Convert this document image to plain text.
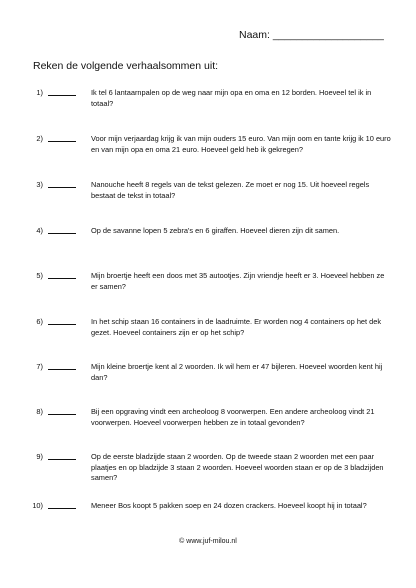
Naam: ___________________
Reken de volgende verhaalsommen uit:
1)	Ik tel 6 lantaarnpalen op de weg naar mijn opa en oma en 12 borden. Hoeveel tel ik in totaal?
2)	Voor mijn verjaardag krijg ik van mijn ouders 15 euro. Van mijn oom en tante krijg ik 10 euro en van mijn opa en oma 21 euro. Hoeveel geld heb ik gekregen?
3)	Nanouche heeft 8 regels van de tekst gelezen. Ze moet er nog 15. Uit hoeveel regels bestaat de tekst in totaal?
4)	Op de savanne lopen 5 zebra's en 6 giraffen. Hoeveel dieren zijn dit samen.
5)	Mijn broertje heeft een doos met 35 autootjes. Zijn vriendje heeft er 3. Hoeveel hebben ze er samen?
6)	In het schip staan 16 containers in de laadruimte. Er worden nog 4 containers op het dek gezet. Hoeveel containers zijn er op het schip?
7)	Mijn kleine broertje kent al 2 woorden. Ik wil hem er 47 bijleren. Hoeveel woorden kent hij dan?
8)	Bij een opgraving vindt een archeoloog 8 voorwerpen. Een andere archeoloog vindt 21 voorwerpen. Hoeveel voorwerpen hebben ze in totaal gevonden?
9)	Op de eerste bladzijde staan 2 woorden. Op de tweede staan 2 woorden met een paar plaatjes en op bladzijde 3 staan 2 woorden. Hoeveel woorden staan er op de 3 bladzijden samen?
10)	Meneer Bos koopt 5 pakken soep en 24 dozen crackers. Hoeveel koopt hij in totaal?
© www.juf-milou.nl
